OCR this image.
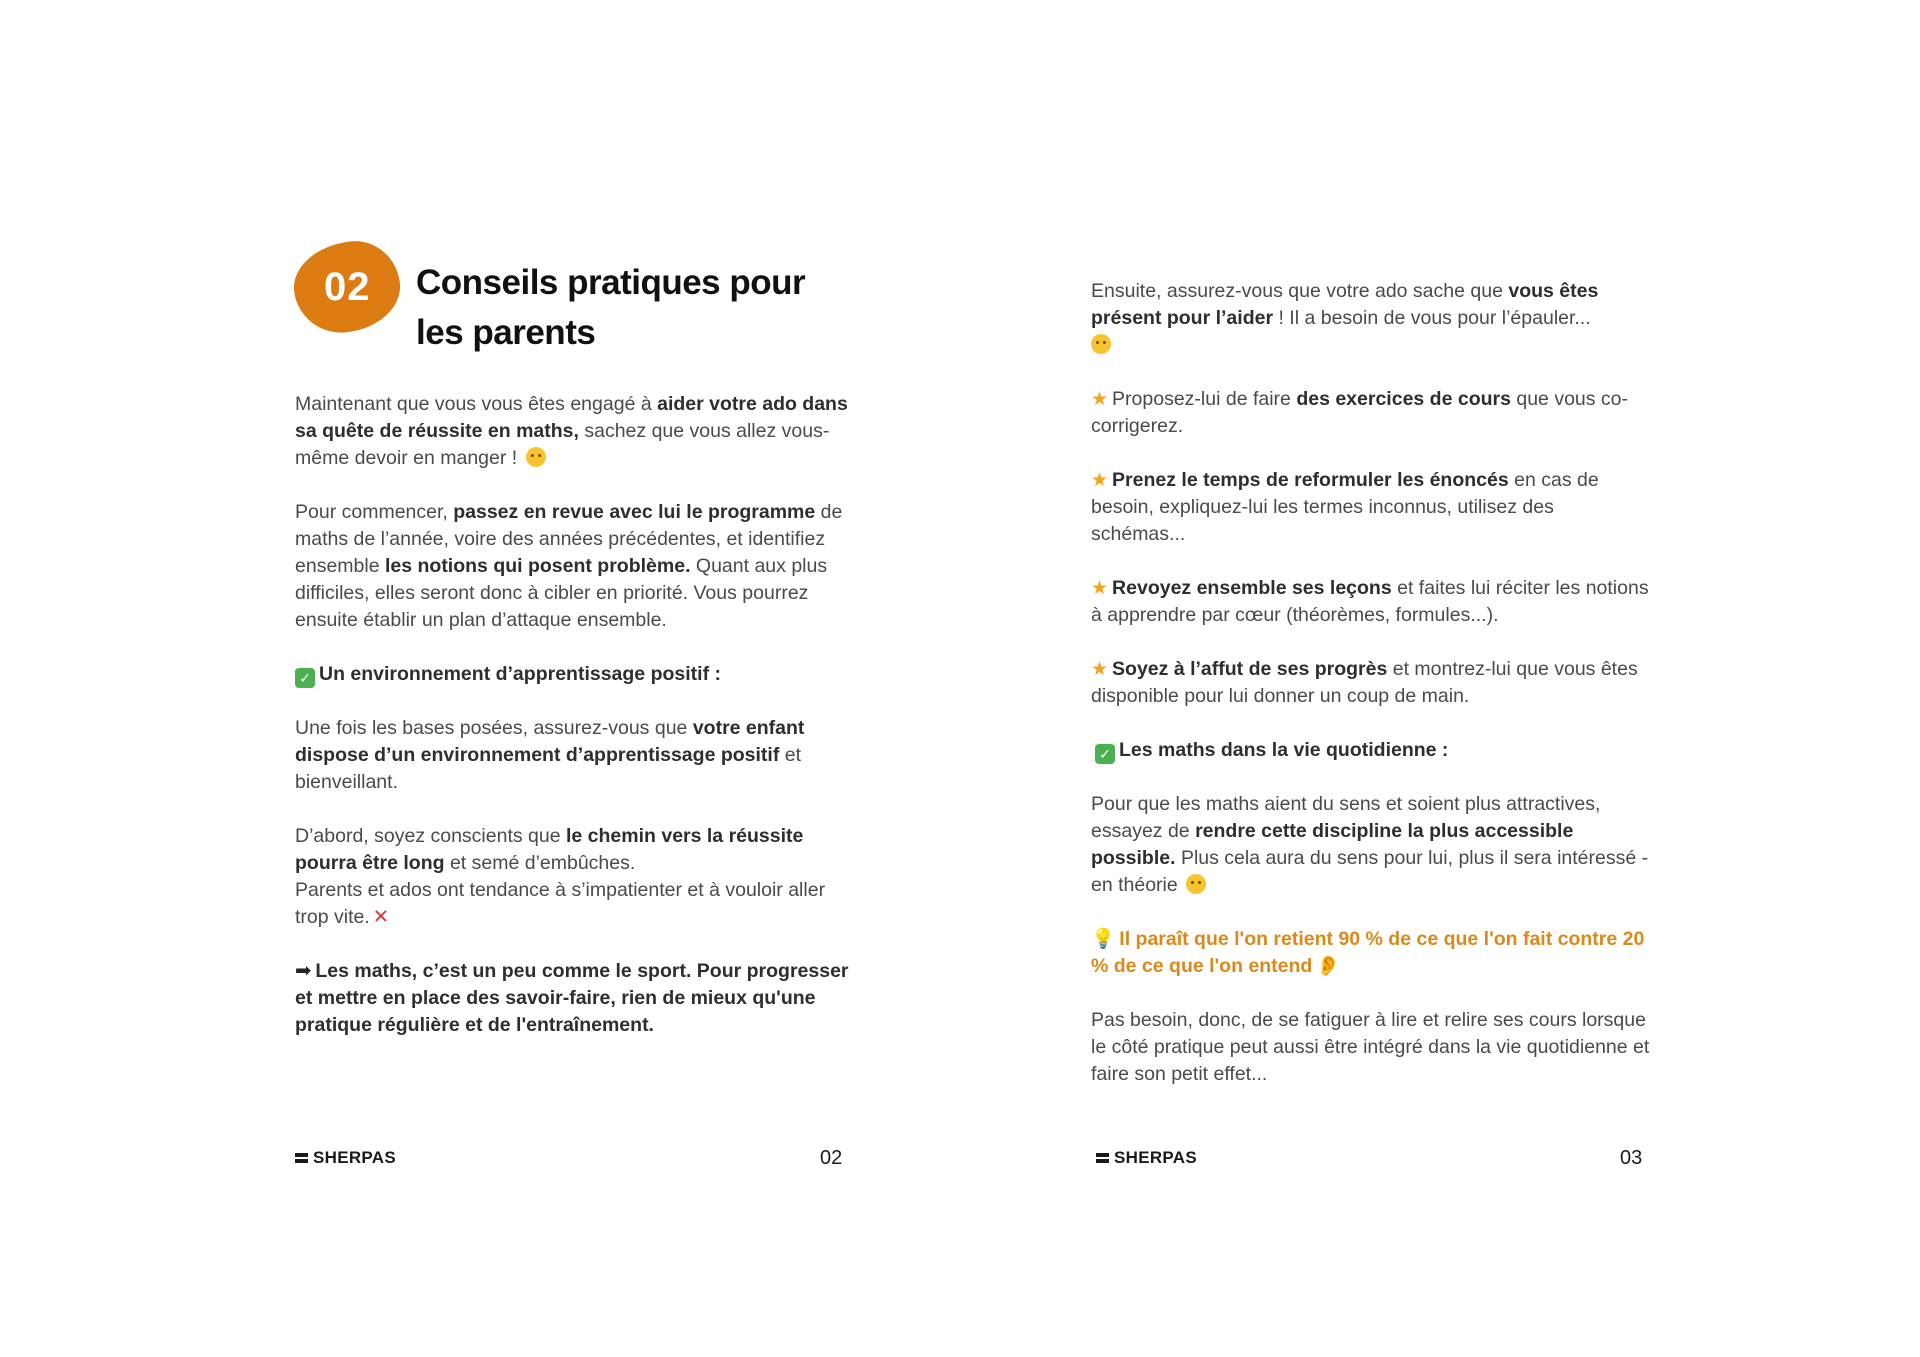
02 Conseils pratiques pour les parents

Maintenant que vous vous êtes engagé à aider votre ado dans sa quête de réussite en maths, sachez que vous allez vous-même devoir en manger !

Pour commencer, passez en revue avec lui le programme de maths de l’année, voire des années précédentes, et identifiez ensemble les notions qui posent problème. Quant aux plus difficiles, elles seront donc à cibler en priorité. Vous pourrez ensuite établir un plan d’attaque ensemble.

✓ Un environnement d’apprentissage positif :

Une fois les bases posées, assurez-vous que votre enfant dispose d’un environnement d’apprentissage positif et bienveillant.

D’abord, soyez conscients que le chemin vers la réussite pourra être long et semé d’embûches.
Parents et ados ont tendance à s’impatienter et à vouloir aller trop vite. ✕

➡ Les maths, c’est un peu comme le sport. Pour progresser et mettre en place des savoir-faire, rien de mieux qu'une pratique régulière et de l'entraînement.

SHERPAS	02

Ensuite, assurez-vous que votre ado sache que vous êtes présent pour l’aider ! Il a besoin de vous pour l’épauler...

★ Proposez-lui de faire des exercices de cours que vous co-corrigerez.

★ Prenez le temps de reformuler les énoncés en cas de besoin, expliquez-lui les termes inconnus, utilisez des schémas...

★ Revoyez ensemble ses leçons et faites lui réciter les notions à apprendre par cœur (théorèmes, formules...).

★ Soyez à l’affut de ses progrès et montrez-lui que vous êtes disponible pour lui donner un coup de main.

✓ Les maths dans la vie quotidienne :

Pour que les maths aient du sens et soient plus attractives, essayez de rendre cette discipline la plus accessible possible. Plus cela aura du sens pour lui, plus il sera intéressé - en théorie

💡 Il paraît que l'on retient 90 % de ce que l'on fait contre 20 % de ce que l'on entend 👂

Pas besoin, donc, de se fatiguer à lire et relire ses cours lorsque le côté pratique peut aussi être intégré dans la vie quotidienne et faire son petit effet...

SHERPAS	03
